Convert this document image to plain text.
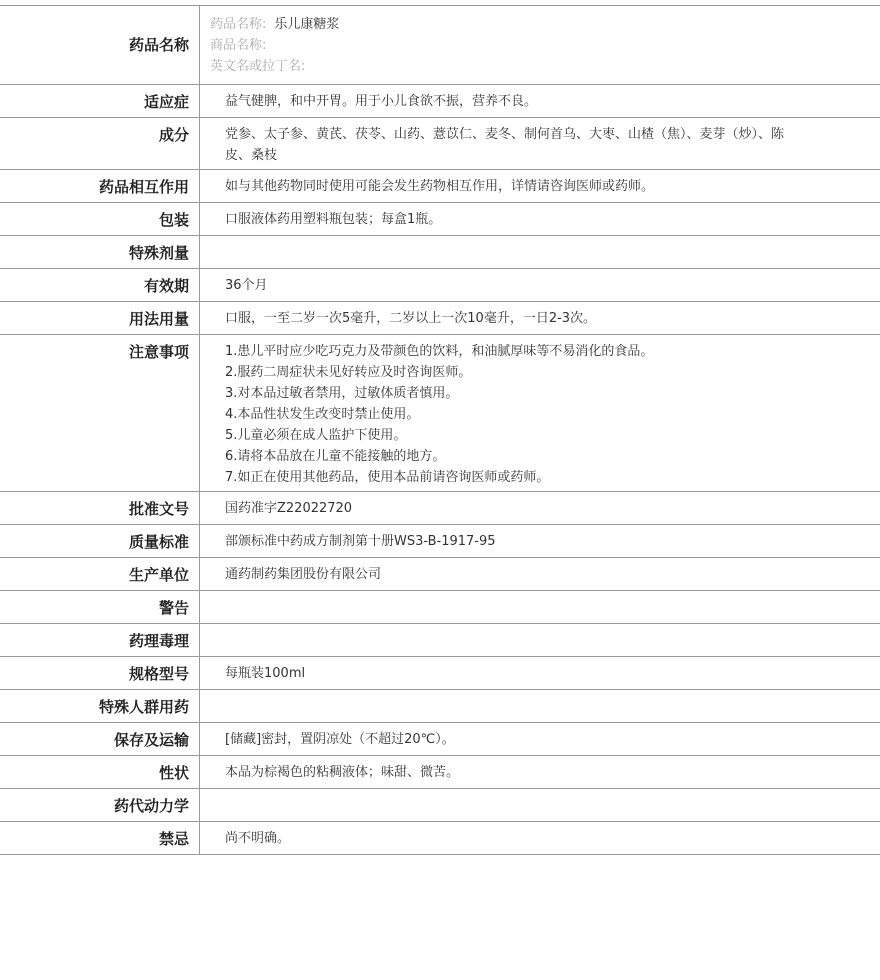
药品名称
药品名称: 乐儿康糖浆
商品名称:
英文名或拉丁名:
适应症	益气健脾，和中开胃。用于小儿食欲不振，营养不良。
成分	党参、太子参、黄芪、茯苓、山药、薏苡仁、麦冬、制何首乌、大枣、山楂（焦）、麦芽（炒）、陈皮、桑枝
药品相互作用	如与其他药物同时使用可能会发生药物相互作用，详情请咨询医师或药师。
包装	口服液体药用塑料瓶包装；每盒1瓶。
特殊剂量
有效期	36个月
用法用量	口服，一至二岁一次5毫升，二岁以上一次10毫升，一日2-3次。
注意事项	1.患儿平时应少吃巧克力及带颜色的饮料，和油腻厚味等不易消化的食品。
2.服药二周症状未见好转应及时咨询医师。
3.对本品过敏者禁用，过敏体质者慎用。
4.本品性状发生改变时禁止使用。
5.儿童必须在成人监护下使用。
6.请将本品放在儿童不能接触的地方。
7.如正在使用其他药品，使用本品前请咨询医师或药师。
批准文号	国药准字Z22022720
质量标准	部颁标准中药成方制剂第十册WS3-B-1917-95
生产单位	通药制药集团股份有限公司
警告
药理毒理
规格型号	每瓶装100ml
特殊人群用药
保存及运输	[储藏]密封，置阴凉处（不超过20℃）。
性状	本品为棕褐色的粘稠液体；味甜、微苦。
药代动力学
禁忌	尚不明确。
